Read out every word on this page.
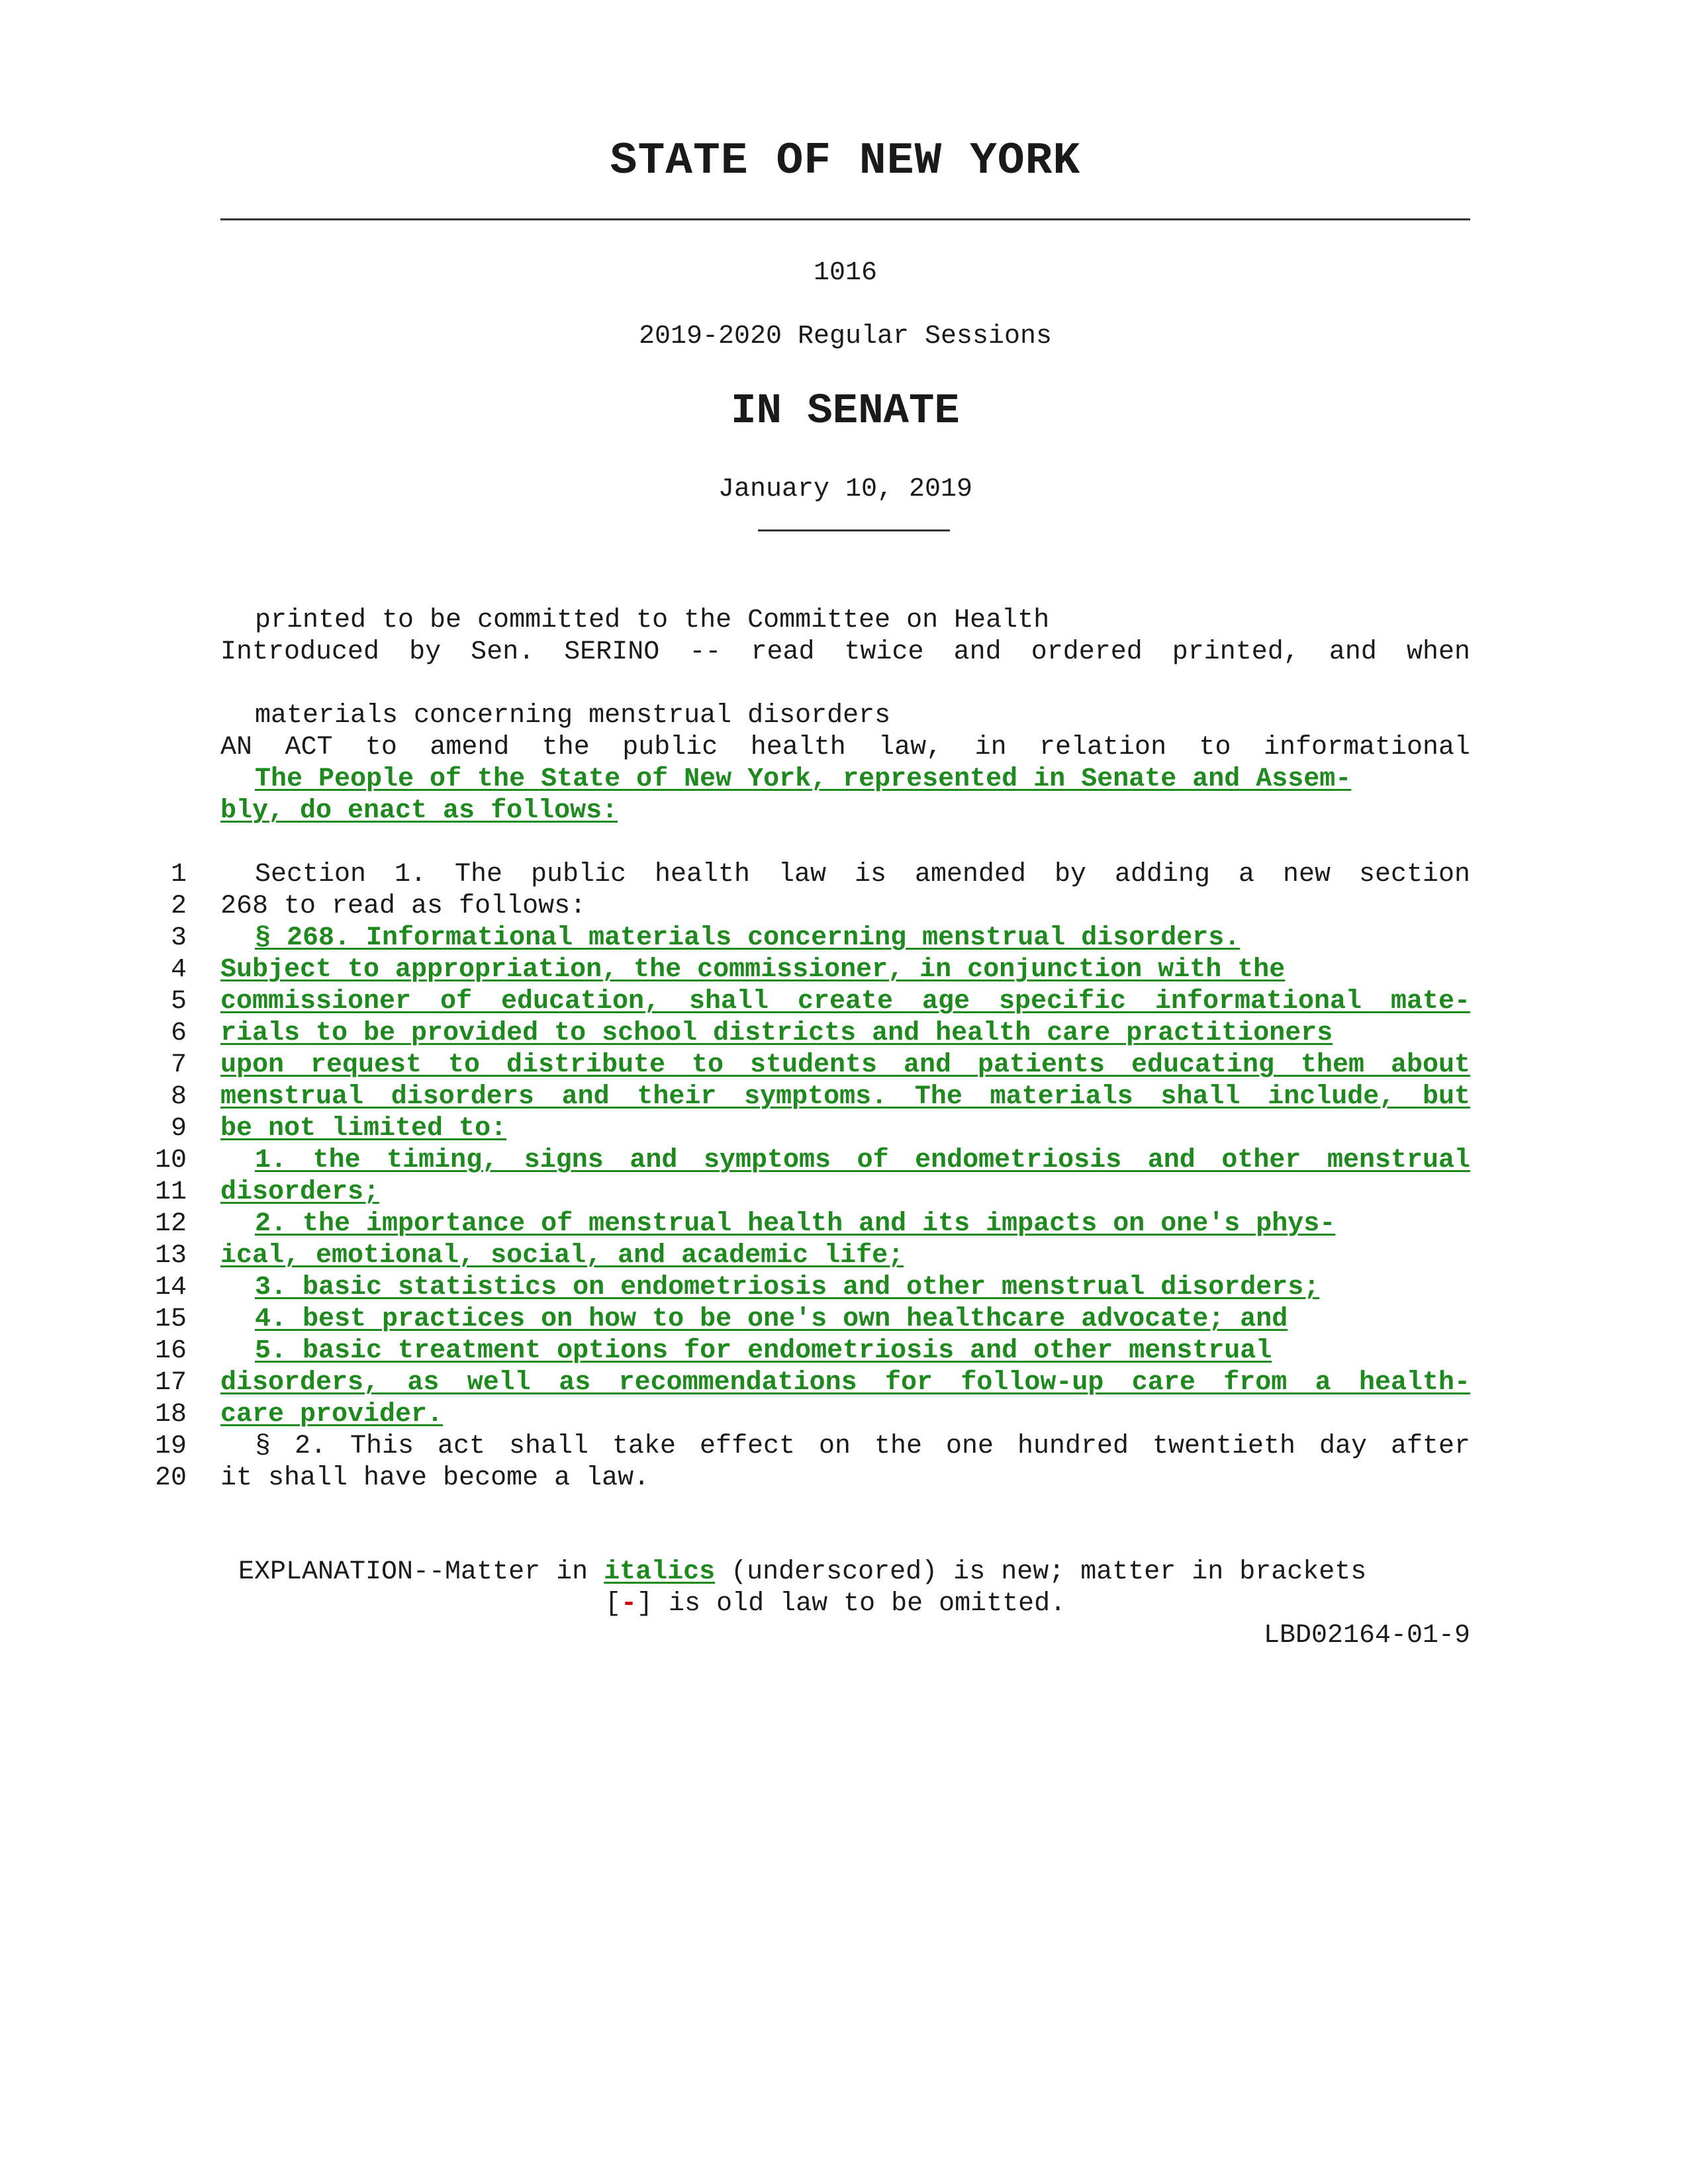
STATE OF NEW YORK
1016
2019-2020 Regular Sessions
IN SENATE
January 10, 2019

Introduced by Sen. SERINO -- read twice and ordered printed, and when

printed to be committed to the Committee on Health

AN ACT to amend the public health law, in relation to informational

materials concerning menstrual disorders
The People of the State of New York, represented in Senate and Assem-
bly, do enact as follows:
1	Section 1. The public health law is amended by adding a new section
2 268 to read as follows:
3	§ 268. Informational materials concerning menstrual disorders.
4 Subject to appropriation, the commissioner, in conjunction with the
5 commissioner of education, shall create age specific informational mate-
6 rials to be provided to school districts and health care practitioners
7 upon request to distribute to students and patients educating them about
8 menstrual disorders and their symptoms. The materials shall include, but
9 be not limited to:
10	1. the timing, signs and symptoms of endometriosis and other menstrual
11 disorders;
12	2. the importance of menstrual health and its impacts on one's phys-
13 ical, emotional, social, and academic life;
14	3. basic statistics on endometriosis and other menstrual disorders;
15	4. best practices on how to be one's own healthcare advocate; and
16	5. basic treatment options for endometriosis and other menstrual
17 disorders, as well as recommendations for follow-up care from a health-
18 care provider.
19	§ 2. This act shall take effect on the one hundred twentieth day after
20 it shall have become a law.
EXPLANATION--Matter in italics (underscored) is new; matter in brackets
[-] is old law to be omitted.
LBD02164-01-9
